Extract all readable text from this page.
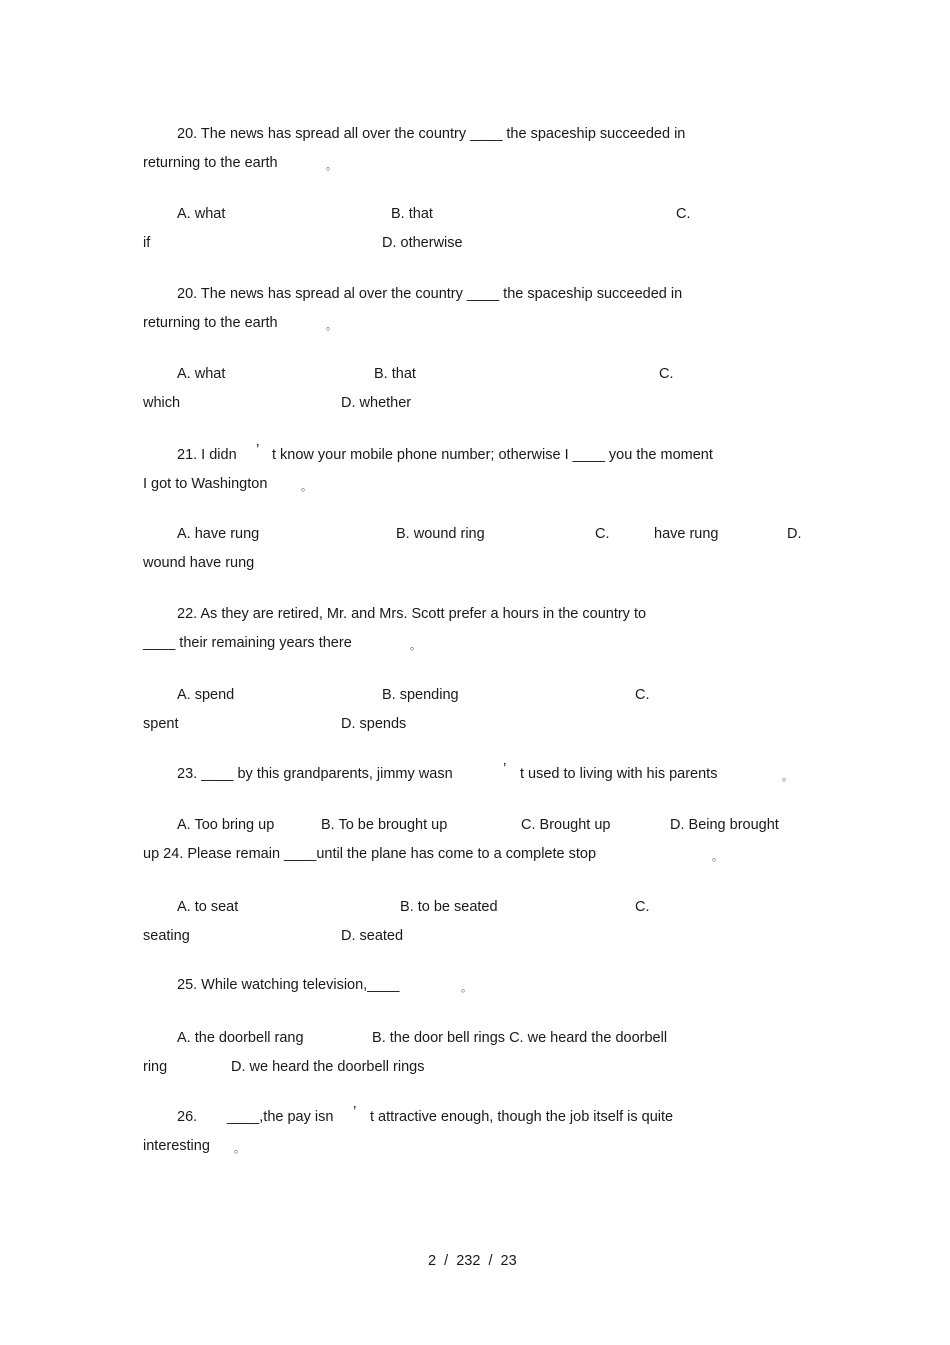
20. The news has spread all over the country ____ the spaceship succeeded in
returning to the earth	。
A. what	B. that	C.
if	D. otherwise
20. The news has spread al over the country ____ the spaceship succeeded in
returning to the earth	。
A. what	B. that	C.
which	D. whether
21. I didn ’ t know your mobile phone number; otherwise I ____ you the moment
I got to Washington	。
A. have rung	B. wound ring	C.	have rung	D.
wound have rung
22. As they are retired, Mr. and Mrs. Scott prefer a hours in the country to
____ their remaining years there	。
A. spend	B. spending	C.
spent	D. spends
23. ____ by this grandparents, jimmy wasn	’ t used to living with his parents	。
A. Too bring up	B. To be brought up	C. Brought up	D. Being brought
up 24. Please remain ____until the plane has come to a complete stop	。
A. to seat	B. to be seated	C.
seating	D. seated
25. While watching television,____	。
A. the doorbell rang                 B. the door bell rings C. we heard the doorbell
ring	D. we heard the doorbell rings
26. ____,the pay isn ’ t attractive enough, though the job itself is quite
interesting 。
2  /  232  /  23
